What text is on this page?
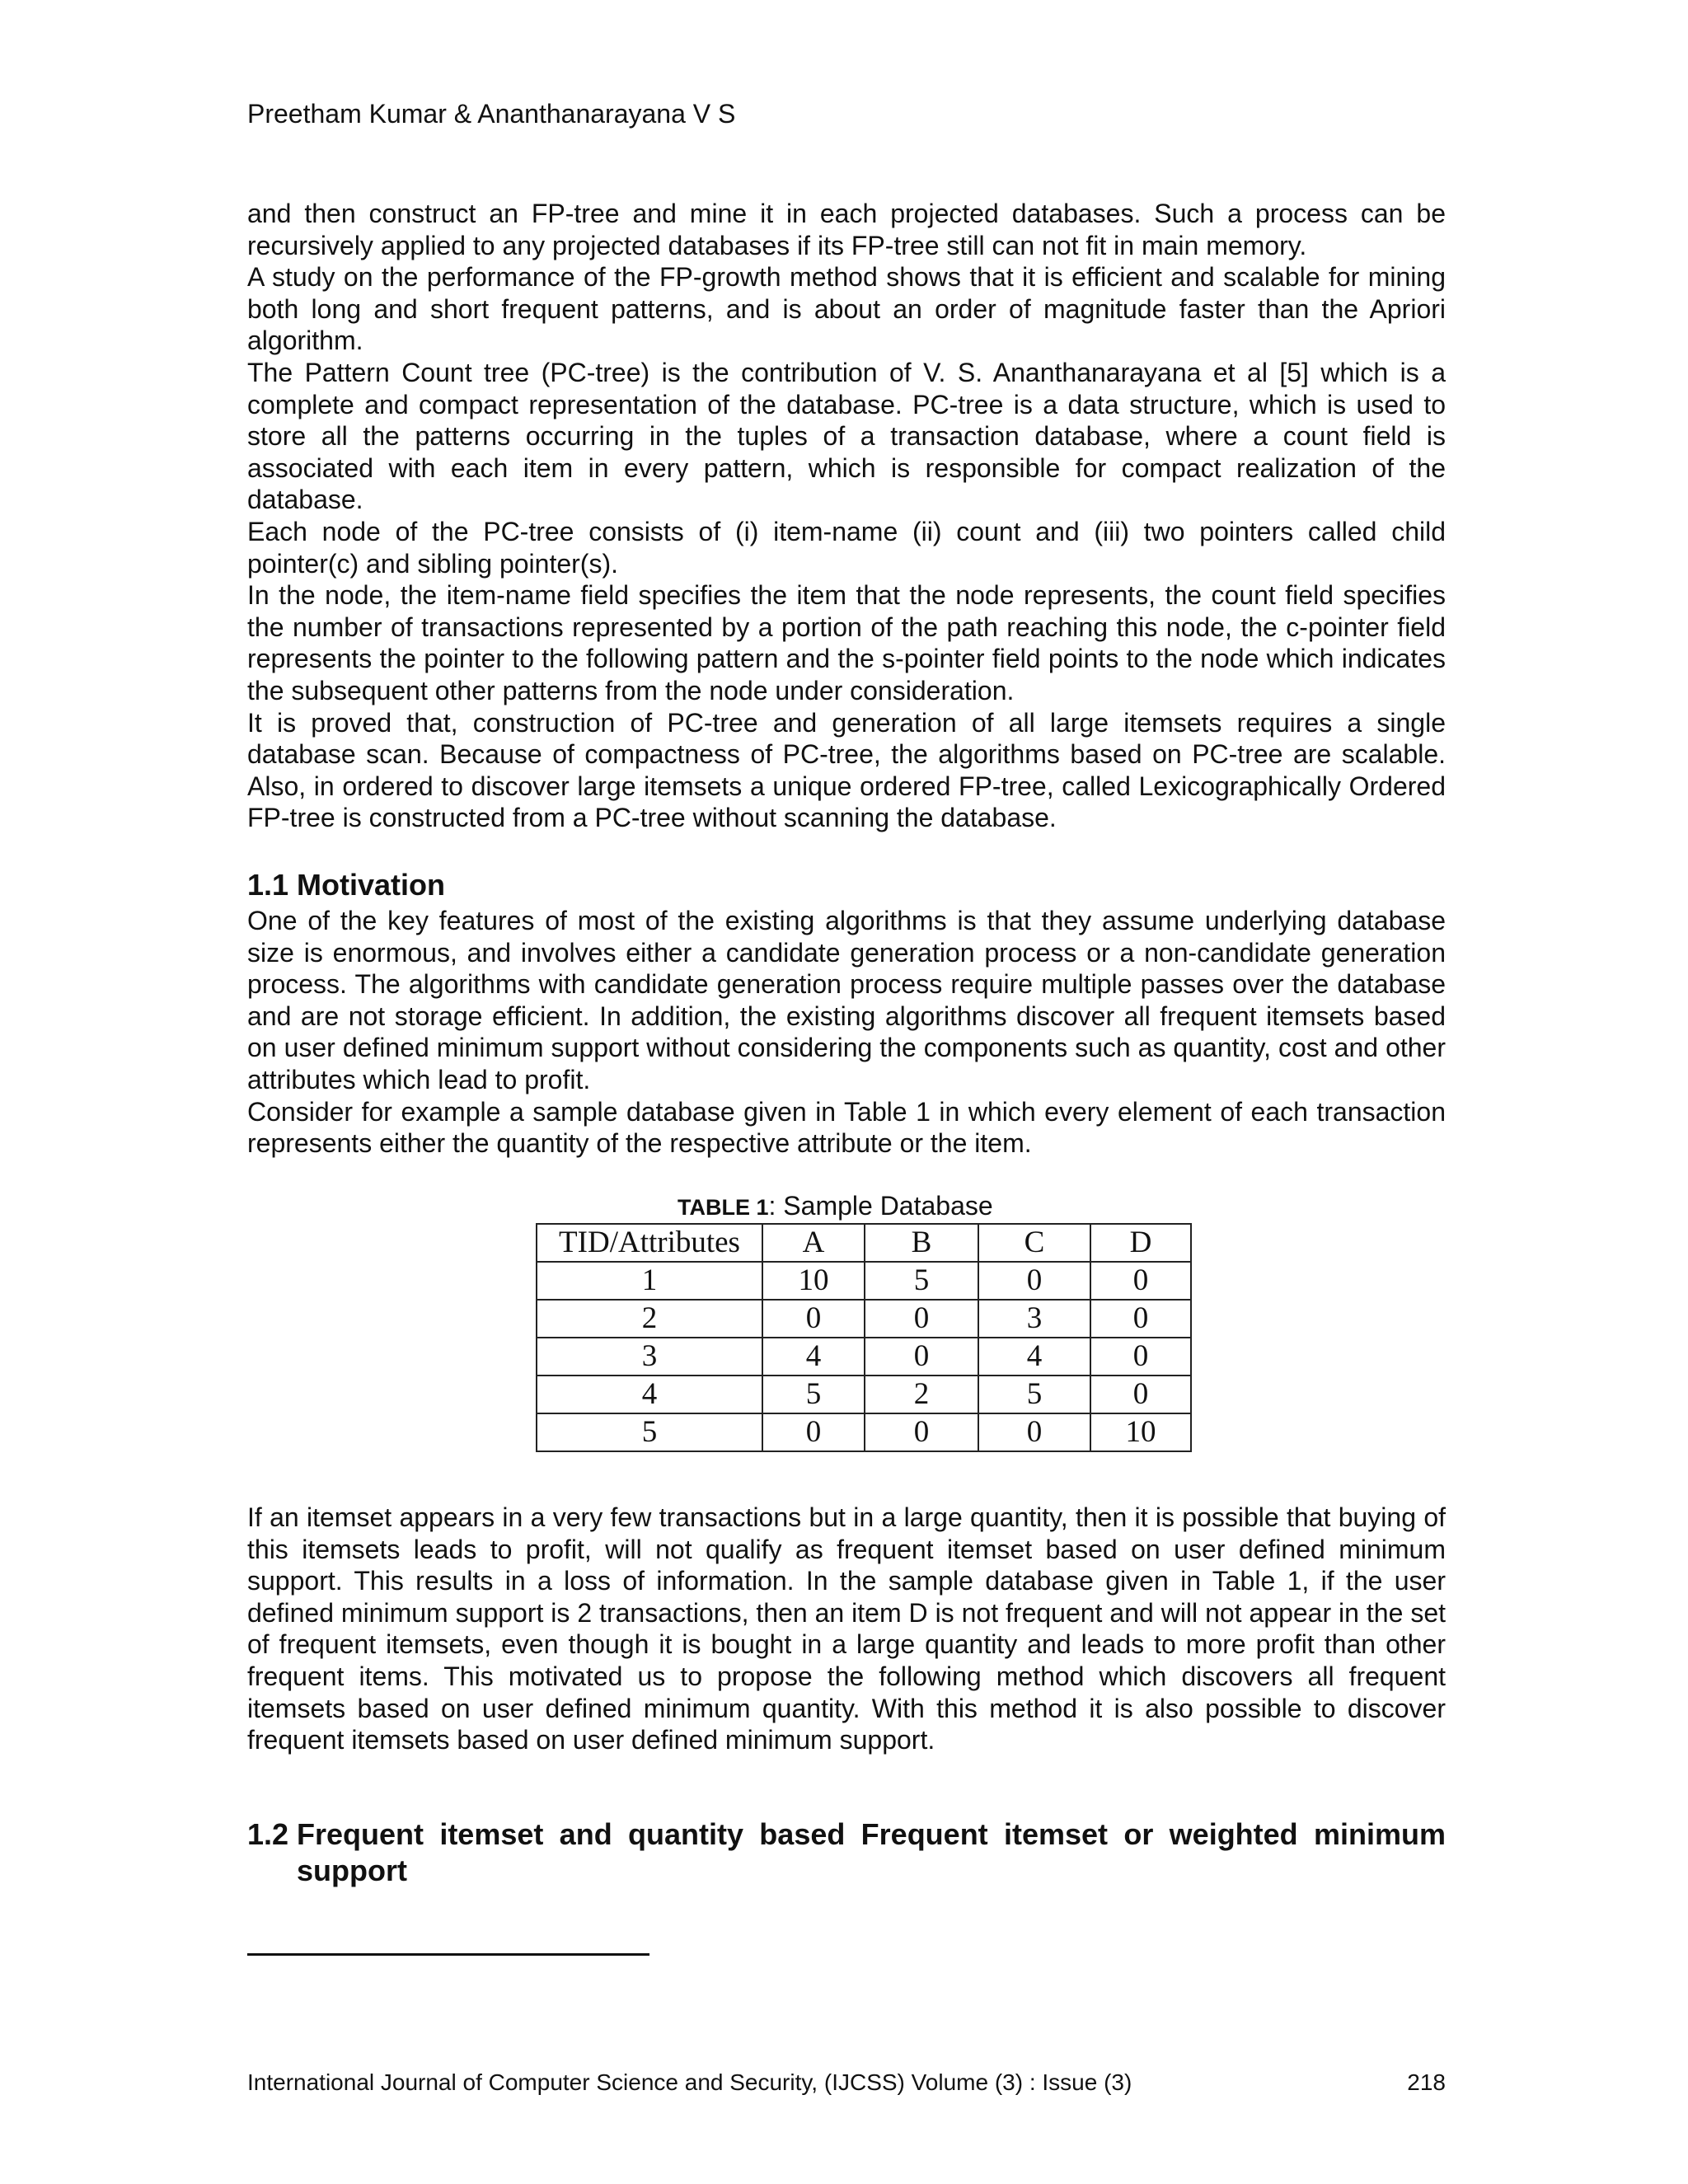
Preetham Kumar & Ananthanarayana V S

and then construct an FP-tree and mine it in each projected databases. Such a process can be recursively applied to any projected databases if its FP-tree still can not fit in main memory.

A study on the performance of the FP-growth method shows that it is efficient and scalable for mining both long and short frequent patterns, and is about an order of magnitude faster than the Apriori algorithm.

The Pattern Count tree (PC-tree) is the contribution of V. S. Ananthanarayana et al [5] which is a complete and compact representation of the database. PC-tree is a data structure, which is used to store all the patterns occurring in the tuples of a transaction database, where a count field is associated with each item in every pattern, which is responsible for compact realization of the database.

Each node of the PC-tree consists of (i) item-name (ii) count and (iii) two pointers called child pointer(c) and sibling pointer(s).

In the node, the item-name field specifies the item that the node represents, the count field specifies the number of transactions represented by a portion of the path reaching this node, the c-pointer field represents the pointer to the following pattern and the s-pointer field points to the node which indicates the subsequent other patterns from the node under consideration.

It is proved that, construction of PC-tree and generation of all large itemsets requires a single database scan. Because of compactness of PC-tree, the algorithms based on PC-tree are scalable. Also, in ordered to discover large itemsets a unique ordered FP-tree, called Lexicographically Ordered FP-tree is constructed from a PC-tree without scanning the database.

1.1 Motivation

One of the key features of most of the existing algorithms is that they assume underlying database size is enormous, and involves either a candidate generation process or a non-candidate generation process. The algorithms with candidate generation process require multiple passes over the database and are not storage efficient. In addition, the existing algorithms discover all frequent itemsets based on user defined minimum support without considering the components such as quantity, cost and other attributes which lead to profit.

Consider for example a sample database given in Table 1 in which every element of each transaction represents either the quantity of the respective attribute or the item.

TABLE 1: Sample Database
TID/Attributes	A	B	C	D
1	10	5	0	0
2	0	0	3	0
3	4	0	4	0
4	5	2	5	0
5	0	0	0	10

If an itemset appears in a very few transactions but in a large quantity, then it is possible that buying of this itemsets leads to profit, will not qualify as frequent itemset based on user defined minimum support. This results in a loss of information. In the sample database given in Table 1, if the user defined minimum support is 2 transactions, then an item D is not frequent and will not appear in the set of frequent itemsets, even though it is bought in a large quantity and leads to more profit than other frequent items. This motivated us to propose the following method which discovers all frequent itemsets based on user defined minimum quantity. With this method it is also possible to discover frequent itemsets based on user defined minimum support.

1.2 Frequent itemset and quantity based Frequent itemset or weighted minimum support
International Journal of Computer Science and Security, (IJCSS) Volume (3) : Issue (3)	218
